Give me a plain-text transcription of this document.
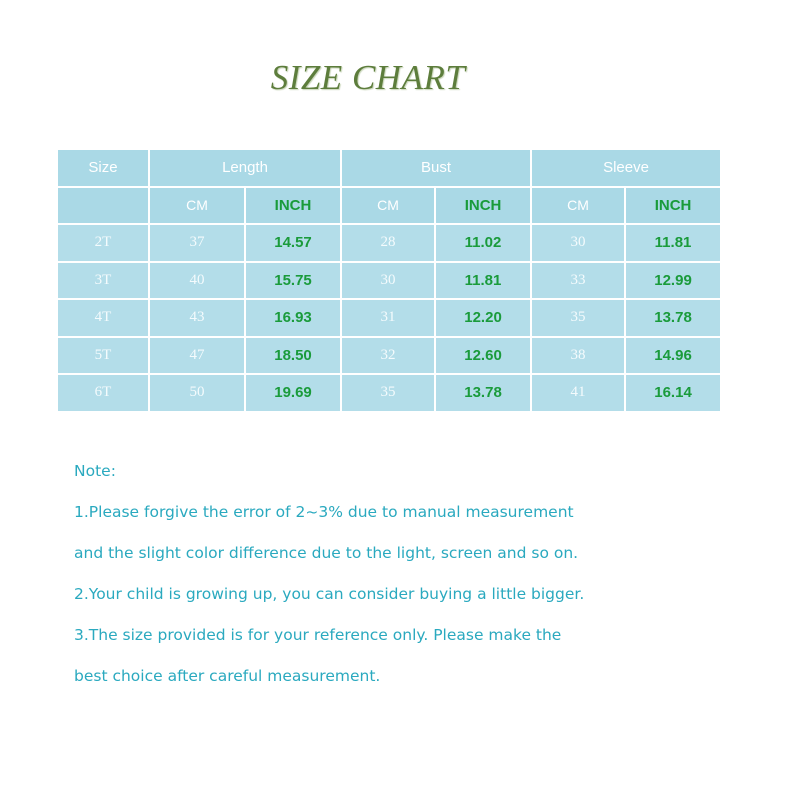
SIZE CHART
Size	Length		Bust		Sleeve	
	CM	INCH	CM	INCH	CM	INCH
2T	37	14.57	28	11.02	30	11.81
3T	40	15.75	30	11.81	33	12.99
4T	43	16.93	31	12.20	35	13.78
5T	47	18.50	32	12.60	38	14.96
6T	50	19.69	35	13.78	41	16.14
Note:
1.Please forgive the error of 2~3% due to manual measurement
and the slight color difference due to the light, screen and so on.
2.Your child is growing up, you can consider buying a little bigger.
3.The size provided is for your reference only. Please make the
best choice after careful measurement.
